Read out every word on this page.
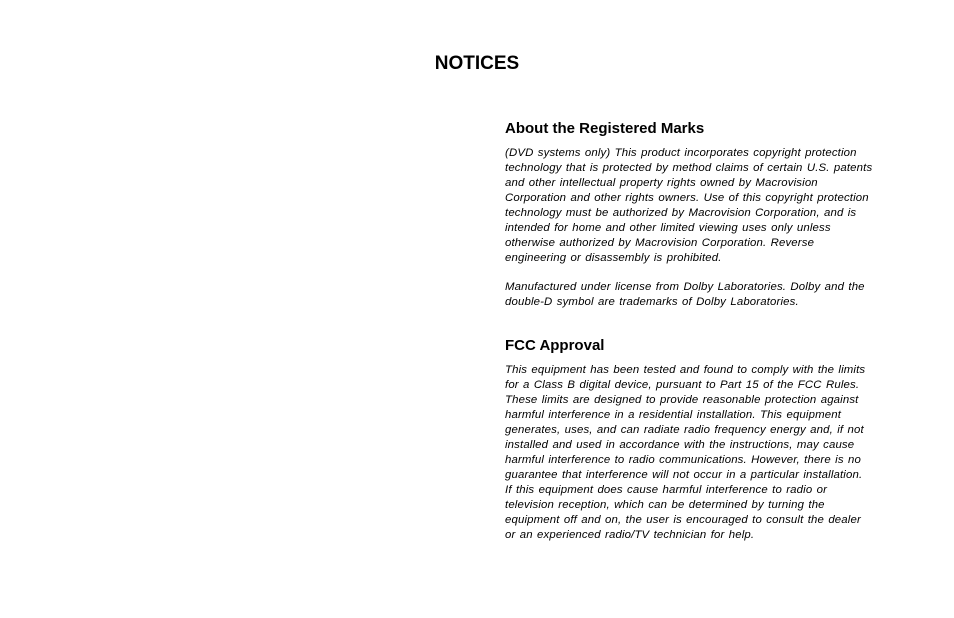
NOTICES
About the Registered Marks

(DVD systems only) This product incorporates copyright protection
technology that is protected by method claims of certain U.S. patents
and other intellectual property rights owned by Macrovision
Corporation and other rights owners. Use of this copyright protection
technology must be authorized by Macrovision Corporation, and is
intended for home and other limited viewing uses only unless
otherwise authorized by Macrovision Corporation. Reverse
engineering or disassembly is prohibited.

Manufactured under license from Dolby Laboratories. Dolby and the
double-D symbol are trademarks of Dolby Laboratories.

FCC Approval

This equipment has been tested and found to comply with the limits
for a Class B digital device, pursuant to Part 15 of the FCC Rules.
These limits are designed to provide reasonable protection against
harmful interference in a residential installation. This equipment
generates, uses, and can radiate radio frequency energy and, if not
installed and used in accordance with the instructions, may cause
harmful interference to radio communications. However, there is no
guarantee that interference will not occur in a particular installation.
If this equipment does cause harmful interference to radio or
television reception, which can be determined by turning the
equipment off and on, the user is encouraged to consult the dealer
or an experienced radio/TV technician for help.
